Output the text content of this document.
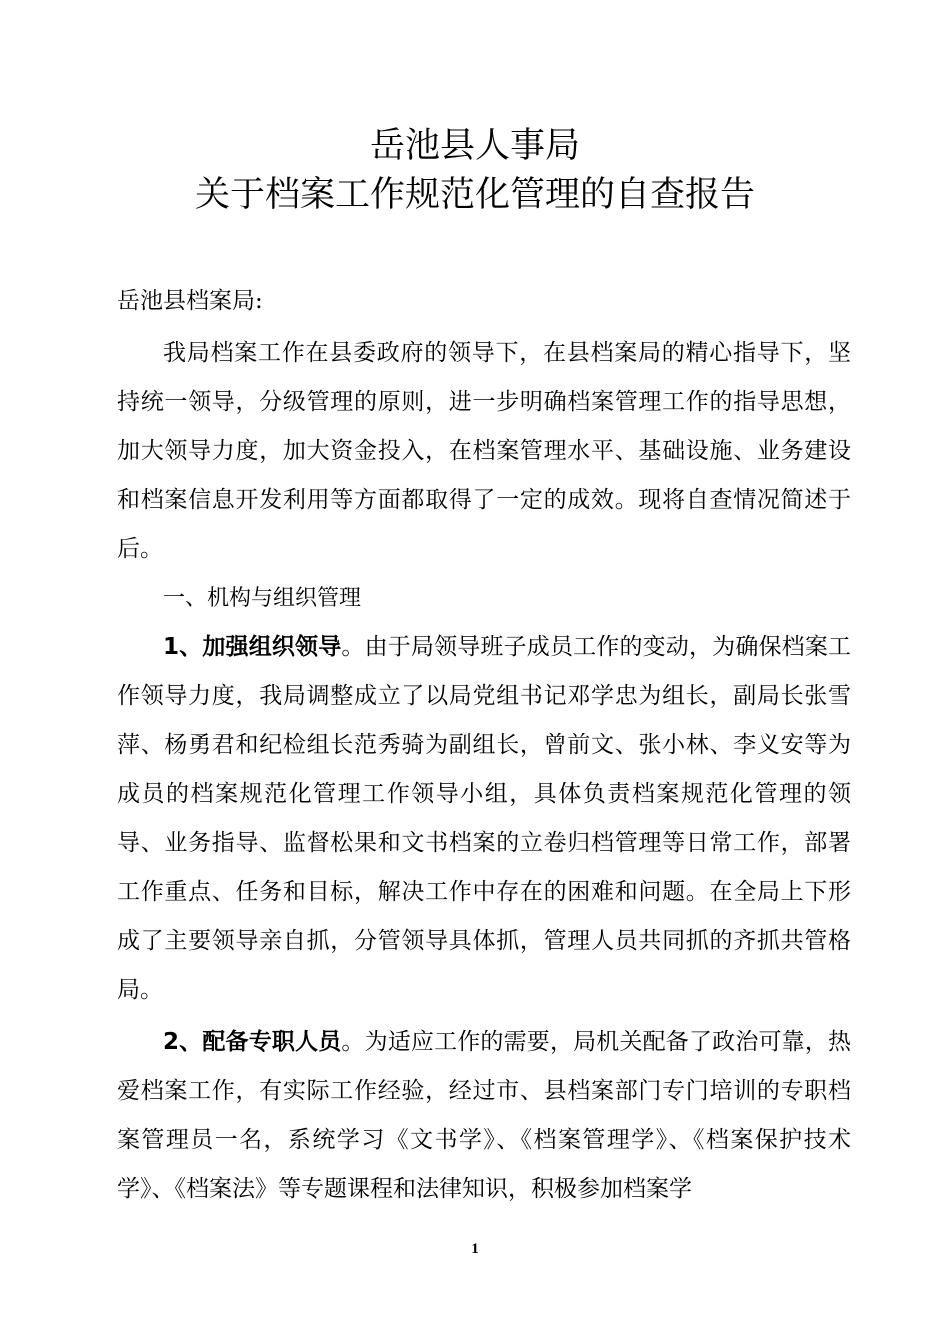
岳池县人事局
关于档案工作规范化管理的自查报告

岳池县档案局:

我局档案工作在县委政府的领导下，在县档案局的精心指导下，坚持统一领导，分级管理的原则，进一步明确档案管理工作的指导思想，加大领导力度，加大资金投入，在档案管理水平、基础设施、业务建设和档案信息开发利用等方面都取得了一定的成效。现将自查情况简述于后。

一、机构与组织管理

1、加强组织领导。由于局领导班子成员工作的变动，为确保档案工作领导力度，我局调整成立了以局党组书记邓学忠为组长，副局长张雪萍、杨勇君和纪检组长范秀骑为副组长，曾前文、张小林、李义安等为成员的档案规范化管理工作领导小组，具体负责档案规范化管理的领导、业务指导、监督松果和文书档案的立卷归档管理等日常工作，部署工作重点、任务和目标，解决工作中存在的困难和问题。在全局上下形成了主要领导亲自抓，分管领导具体抓，管理人员共同抓的齐抓共管格局。

2、配备专职人员。为适应工作的需要，局机关配备了政治可靠，热爱档案工作，有实际工作经验，经过市、县档案部门专门培训的专职档案管理员一名，系统学习《文书学》、《档案管理学》、《档案保护技术学》、《档案法》等专题课程和法律知识，积极参加档案学

1
